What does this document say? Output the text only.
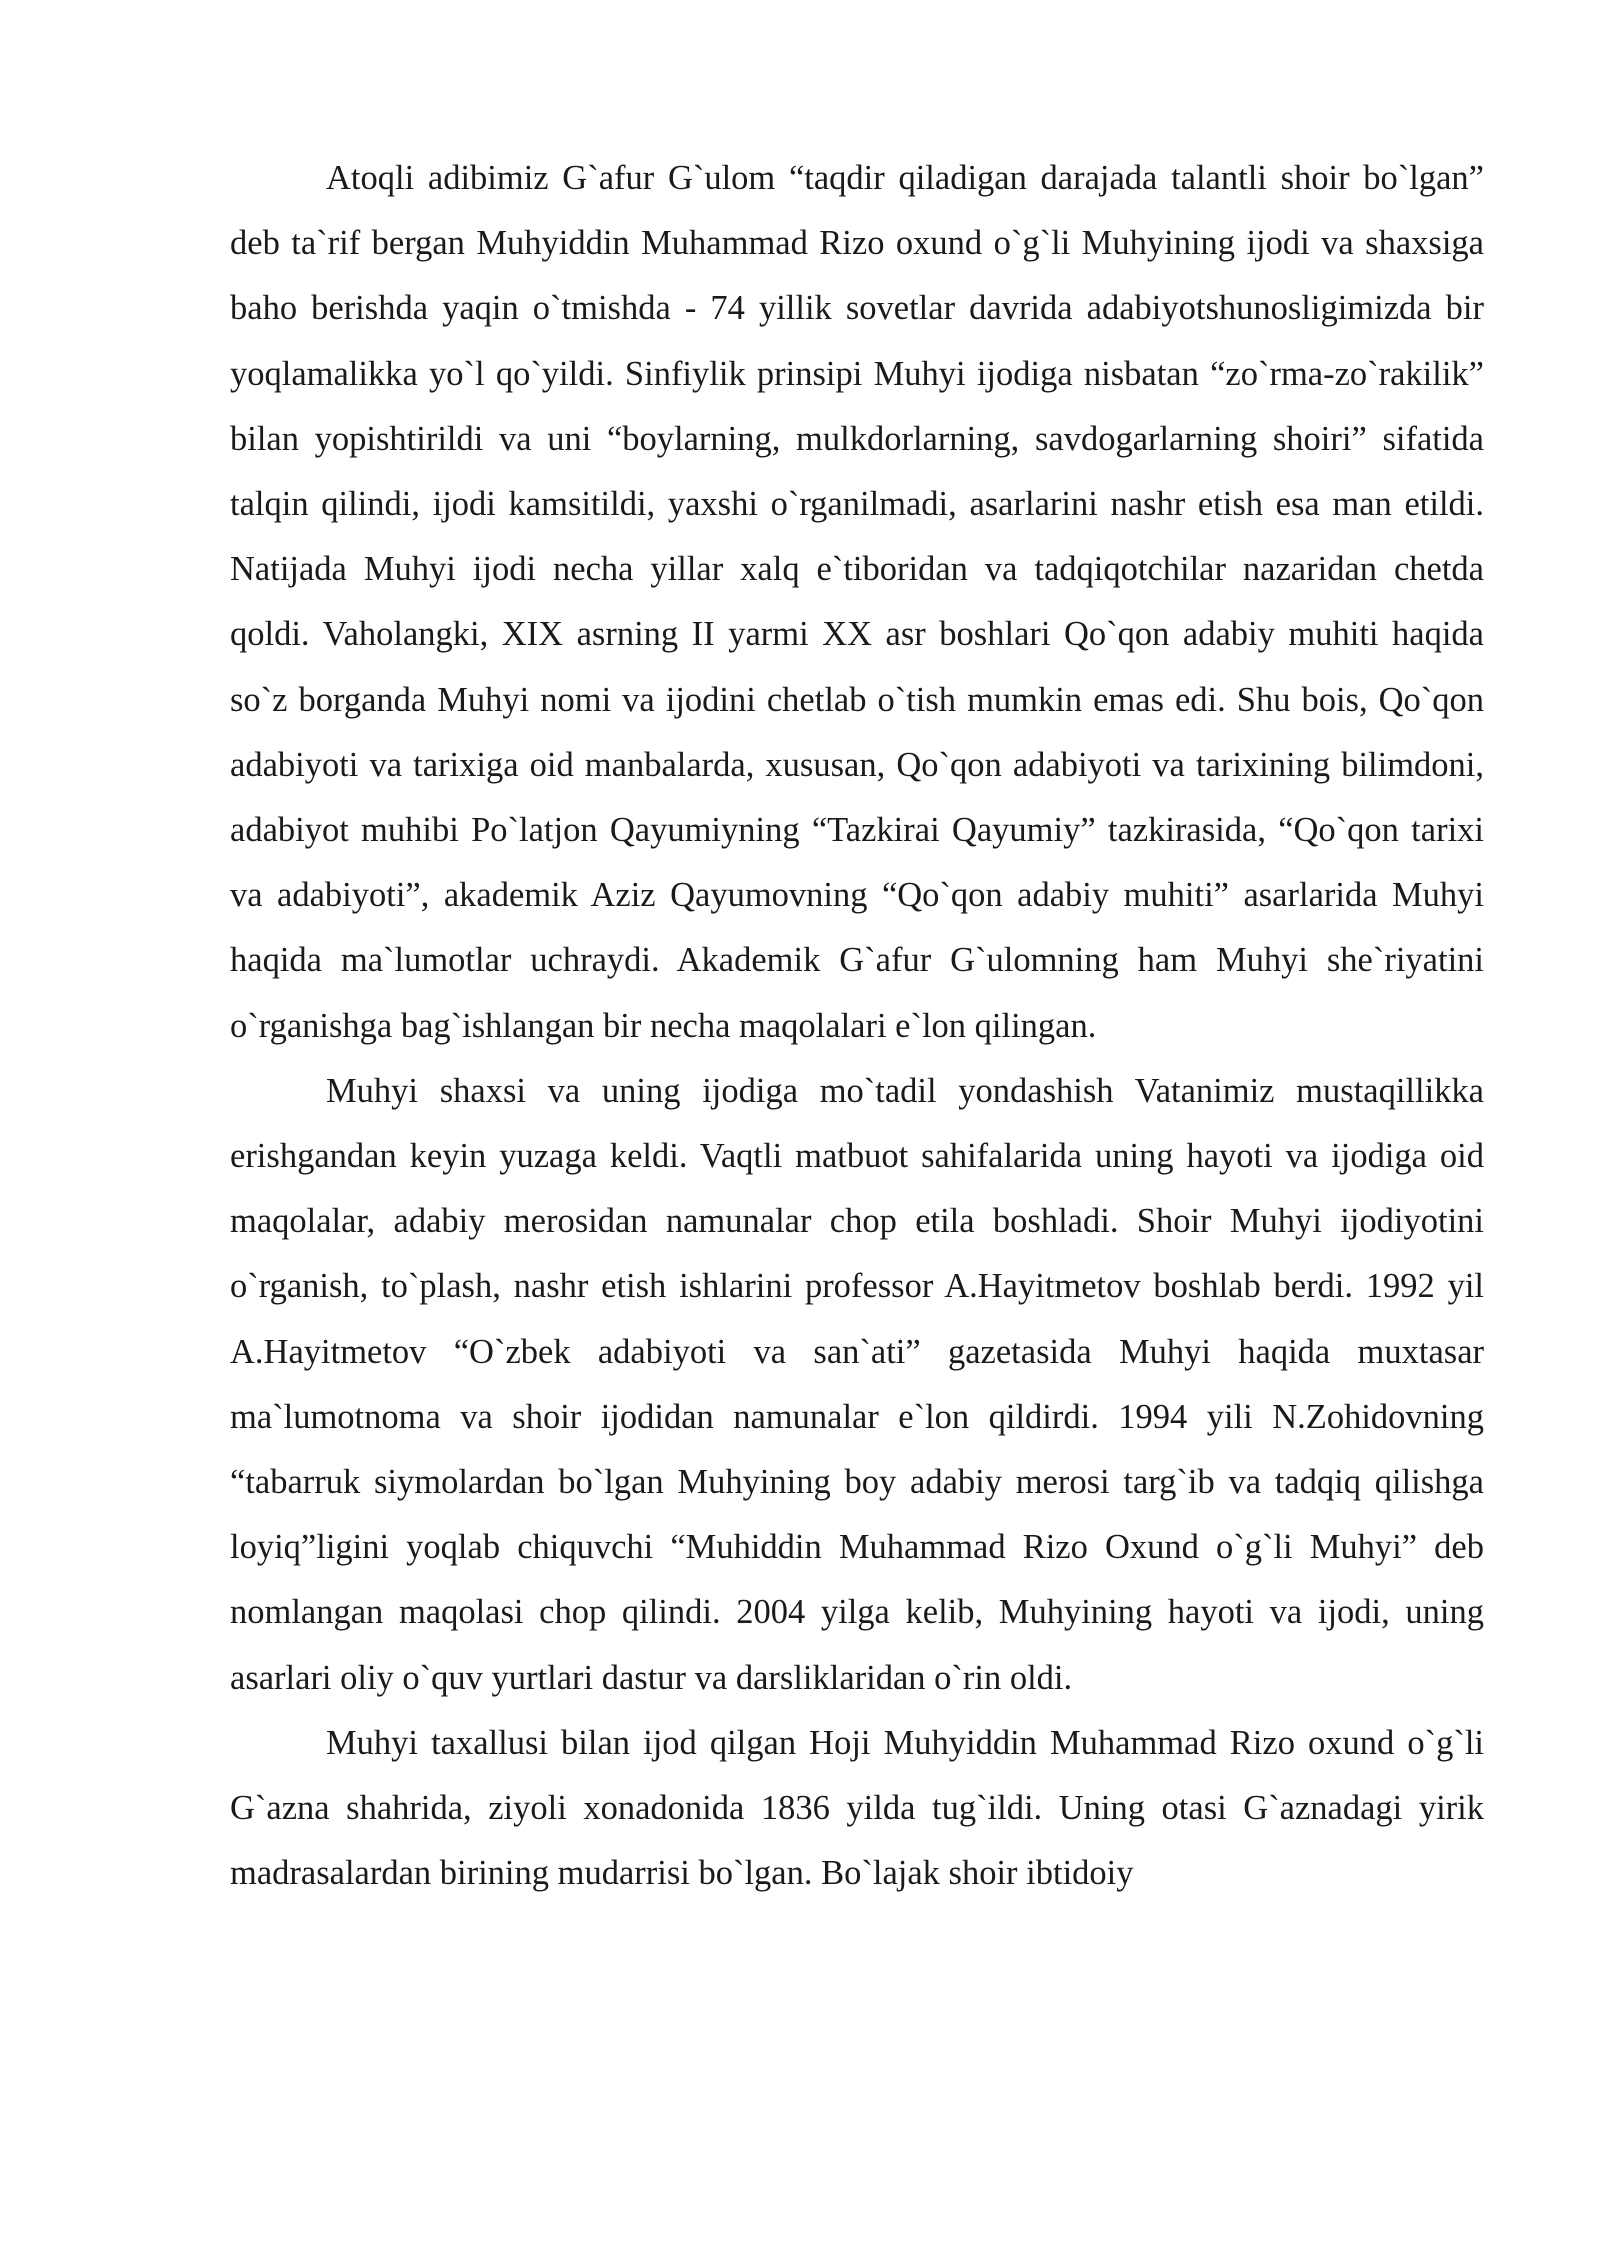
Atoqli adibimiz G`afur G`ulom “taqdir qiladigan darajada talantli shoir bo`lgan” deb ta`rif bergan Muhyiddin Muhammad Rizo oxund o`g`li Muhyining ijodi va shaxsiga baho berishda yaqin o`tmishda - 74 yillik sovetlar davrida adabiyotshunosligimizda bir yoqlamalikka yo`l qo`yildi. Sinfiylik prinsipi Muhyi ijodiga nisbatan “zo`rma-zo`rakilik” bilan yopishtirildi va uni “boylarning, mulkdorlarning, savdogarlarning shoiri” sifatida talqin qilindi, ijodi kamsitildi, yaxshi o`rganilmadi, asarlarini nashr etish esa man etildi. Natijada Muhyi ijodi necha yillar xalq e`tiboridan va tadqiqotchilar nazaridan chetda qoldi. Vaholangki, XIX asrning II yarmi XX asr boshlari Qo`qon adabiy muhiti haqida so`z borganda Muhyi nomi va ijodini chetlab o`tish mumkin emas edi. Shu bois, Qo`qon adabiyoti va tarixiga oid manbalarda, xususan, Qo`qon adabiyoti va tarixining bilimdoni, adabiyot muhibi Po`latjon Qayumiyning “Tazkirai Qayumiy” tazkirasida, “Qo`qon tarixi va adabiyoti”, akademik Aziz Qayumovning “Qo`qon adabiy muhiti” asarlarida Muhyi haqida ma`lumotlar uchraydi. Akademik G`afur G`ulomning ham Muhyi she`riyatini o`rganishga bag`ishlangan bir necha maqolalari e`lon qilingan.

Muhyi shaxsi va uning ijodiga mo`tadil yondashish Vatanimiz mustaqillikka erishgandan keyin yuzaga keldi. Vaqtli matbuot sahifalarida uning hayoti va ijodiga oid maqolalar, adabiy merosidan namunalar chop etila boshladi. Shoir Muhyi ijodiyotini o`rganish, to`plash, nashr etish ishlarini professor A.Hayitmetov boshlab berdi. 1992 yil A.Hayitmetov “O`zbek adabiyoti va san`ati” gazetasida Muhyi haqida muxtasar ma`lumotnoma va shoir ijodidan namunalar e`lon qildirdi. 1994 yili N.Zohidovning “tabarruk siymolardan bo`lgan Muhyining boy adabiy merosi targ`ib va tadqiq qilishga loyiq”ligini yoqlab chiquvchi “Muhiddin Muhammad Rizo Oxund o`g`li Muhyi” deb nomlangan maqolasi chop qilindi. 2004 yilga kelib, Muhyining hayoti va ijodi, uning asarlari oliy o`quv yurtlari dastur va darsliklaridan o`rin oldi.

Muhyi taxallusi bilan ijod qilgan Hoji Muhyiddin Muhammad Rizo oxund o`g`li G`azna shahrida, ziyoli xonadonida 1836 yilda tug`ildi. Uning otasi G`aznadagi yirik madrasalardan birining mudarrisi bo`lgan. Bo`lajak shoir ibtidoiy
